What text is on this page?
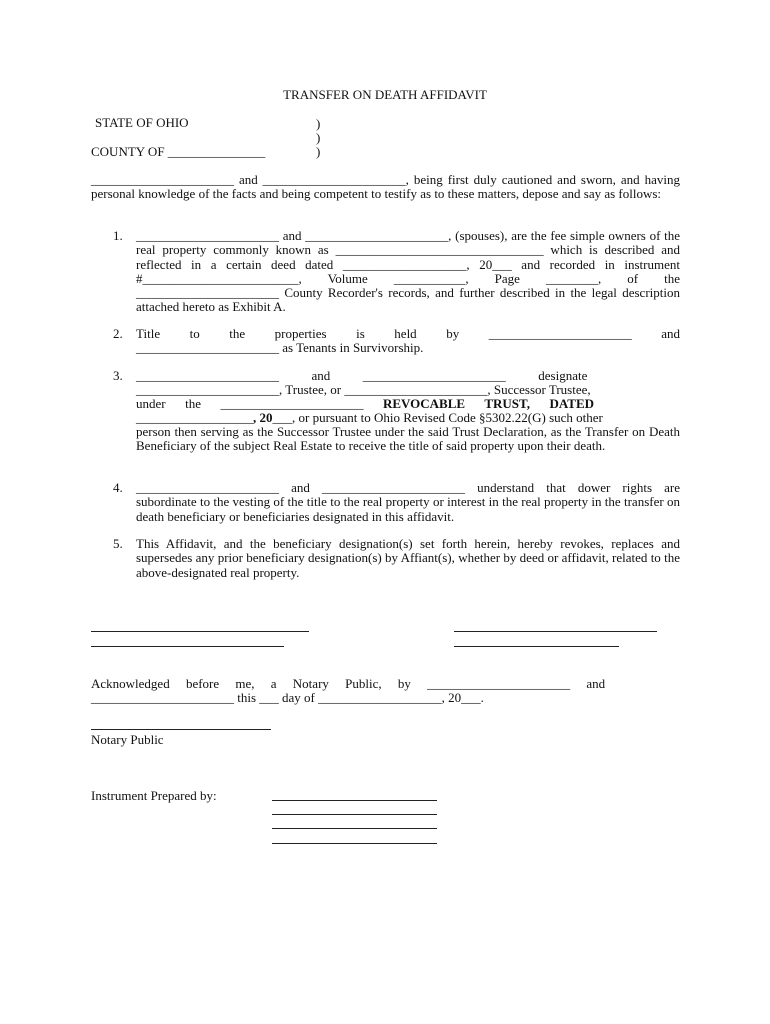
TRANSFER ON DEATH AFFIDAVIT
STATE OF OHIO	)
)
)
COUNTY OF _______________
______________________ and ______________________, being first duly cautioned and sworn, and having personal knowledge of the facts and being competent to testify as to these matters, depose and say as follows:
1. ______________________ and ______________________, (spouses), are the fee simple owners of the real property commonly known as ________________________________ which is described and reflected in a certain deed dated ___________________, 20___ and recorded in instrument #________________________, Volume ___________, Page ________, of the ______________________ County Recorder's records, and further described in the legal description attached hereto as Exhibit A.
2. Title     to     the     properties     is     held     by     ______________________     and
______________________ as Tenants in Survivorship.
3. ______________________          and          ______________________          designate
______________________, Trustee, or ______________________, Successor Trustee,
under      the      ______________________      REVOCABLE      TRUST,      DATED
__________________, 20___, or pursuant to Ohio Revised Code §5302.22(G) such other
person then serving as the Successor Trustee under the said Trust Declaration, as the Transfer on Death Beneficiary of the subject Real Estate to receive the title of said property upon their death.
4. ______________________ and ______________________ understand that dower rights are subordinate to the vesting of the title to the real property or interest in the real property in the transfer on death beneficiary or beneficiaries designated in this affidavit.
5. This Affidavit, and the beneficiary designation(s) set forth herein, hereby revokes, replaces and supersedes any prior beneficiary designation(s) by Affiant(s), whether by deed or affidavit, related to the above-designated real property.
Acknowledged     before     me,     a     Notary     Public,     by     ______________________     and
______________________ this ___ day of ___________________, 20___.
Notary Public
Instrument Prepared by:
